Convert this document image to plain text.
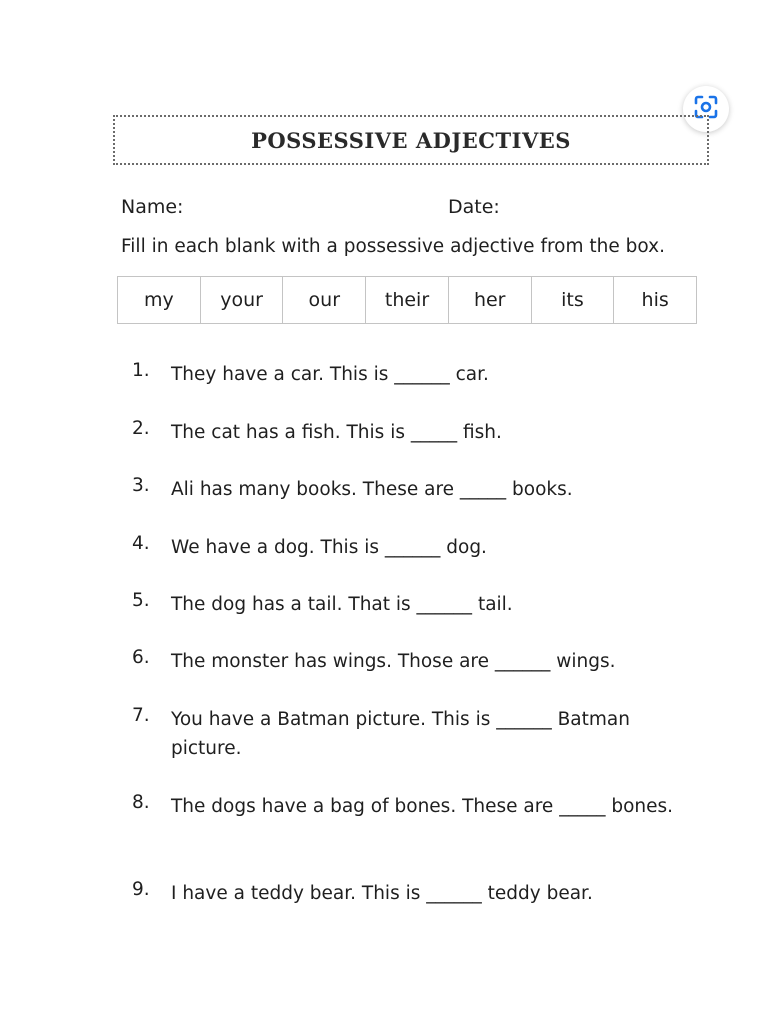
POSSESSIVE ADJECTIVES
Name:	Date:
Fill in each blank with a possessive adjective from the box.
my	your	our	their	her	its	his
1. They have a car. This is ______ car.
2. The cat has a fish. This is _____ fish.
3. Ali has many books. These are _____ books.
4. We have a dog. This is ______ dog.
5. The dog has a tail. That is ______ tail.
6. The monster has wings. Those are ______ wings.
7. You have a Batman picture. This is ______ Batman picture.
8. The dogs have a bag of bones. These are _____ bones.
9. I have a teddy bear. This is ______ teddy bear.
